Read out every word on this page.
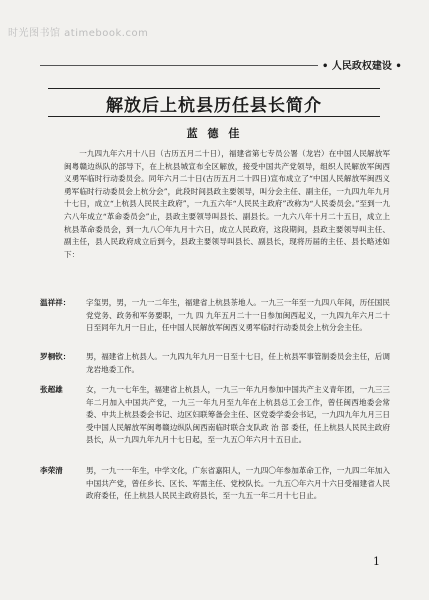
时光图书馆 atimebook.com
• 人民政权建设 •
解放后上杭县历任县长简介
蓝 德 佳
一九四九年六月十八日（古历五月二十日），福建省第七专员公署（龙岩）在中国人民解放军闽粤赣边纵队的部导下，在上杭县城宣布全区解放，接受中国共产党领导，组织人民解放军闽西义勇军临时行动委员会。同年六月二十日(古历五月二十四日)宣布成立了“中国人民解放军闽西义勇军临时行动委员会上杭分会”，此段时间县政主要领导，叫分会主任、副主任，一九四九年九月十七日，成立“上杭县人民民主政府”，一九五六年“人民民主政府”改称为“人民委员会。”至到一九六八年成立“革命委员会”止，县政主要领导叫县长、副县长。一九六八年十月二十五日，成立上杭县革命委员会，到一九八〇年九月十六日，成立人民政府，这段期间，县政主要领导叫主任、副主任，县人民政府成立后到今，县政主要领导叫县长、副县长，现将历届的主任、县长略述如下：
温祥祥：	字玺男，男，一九一二年生，福建省上杭县茶地人。一九三一年至一九四八年间，历任国民党党务、政务和军务要职，一九 四 九年五月二十一日参加闽西起义，一九四九年六月二十日至同年九月一日止，任中国人民解放军闽西义勇军临时行动委员会上杭分会主任。
罗桐钦：	男，福建省上杭县人。一九四九年九月一日至十七日，任上杭县军事管制委员会主任，后调龙岩地委工作。
张超雄	女，一九一七年生，福建省上杭县人，一九三一年九月参加中国共产主义青年团，一九三三年二月加入中国共产党，一九三一年九月至九年在上杭县总工会工作，曾任闽西地委会常委、中共上杭县委会书记、边区妇联筹备会主任、区党委学委会书记，一九四九年九月三日受中国人民解放军闽粤赣边纵队闽西南临时联合支队政 治 部 委任，任上杭县人民民主政府县长，从一九四九年九月十七日起，至一九五〇年六月十五日止。
李荣清	男，一九一一年生，中学文化，广东省嘉阳人，一九四〇年参加革命工作，一九四二年加入中国共产党，曾任乡长、区长、军需主任、党校队长。一九五〇年六月十六日受福建省人民政府委任，任上杭县人民民主政府县长，至一九五一年二月十七日止。
1
